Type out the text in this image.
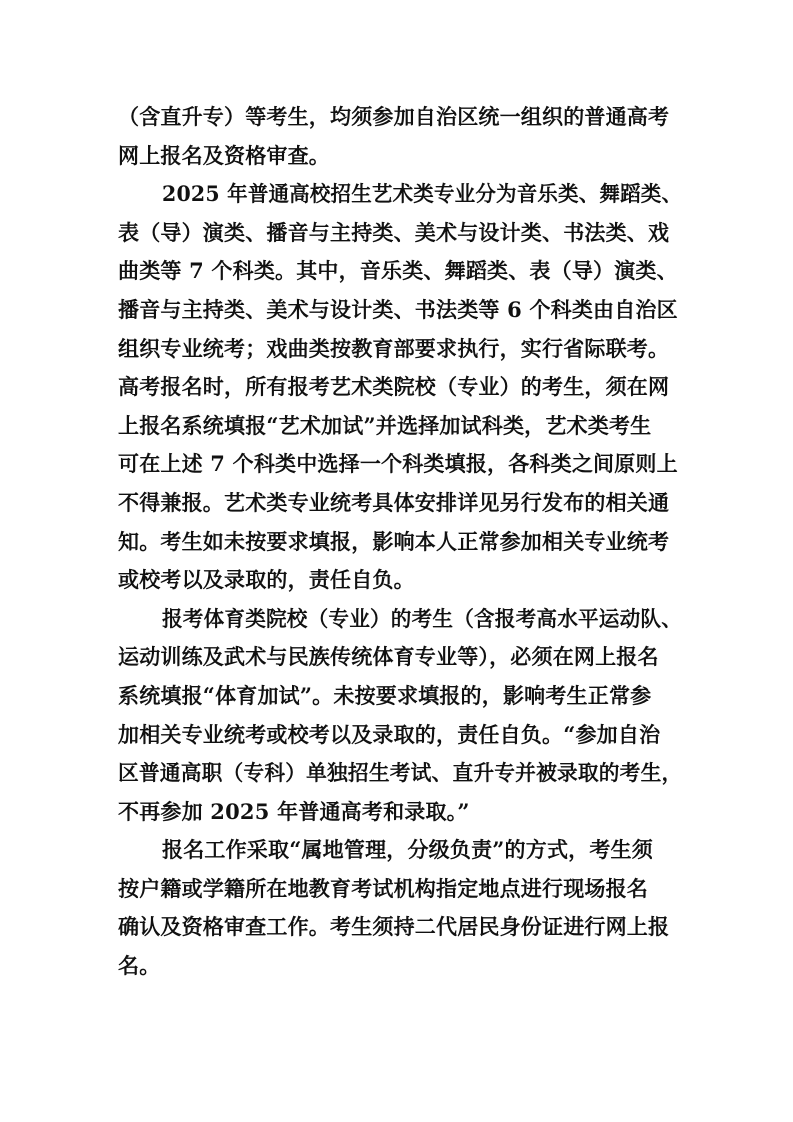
（含直升专）等考生，均须参加自治区统一组织的普通高考
网上报名及资格审查。
2025 年普通高校招生艺术类专业分为音乐类、舞蹈类、
表（导）演类、播音与主持类、美术与设计类、书法类、戏
曲类等 7 个科类。其中，音乐类、舞蹈类、表（导）演类、
播音与主持类、美术与设计类、书法类等 6 个科类由自治区
组织专业统考；戏曲类按教育部要求执行，实行省际联考。
高考报名时，所有报考艺术类院校（专业）的考生，须在网
上报名系统填报“艺术加试”并选择加试科类，艺术类考生
可在上述 7 个科类中选择一个科类填报，各科类之间原则上
不得兼报。艺术类专业统考具体安排详见另行发布的相关通
知。考生如未按要求填报，影响本人正常参加相关专业统考
或校考以及录取的，责任自负。
报考体育类院校（专业）的考生（含报考高水平运动队、
运动训练及武术与民族传统体育专业等），必须在网上报名
系统填报“体育加试”。未按要求填报的，影响考生正常参
加相关专业统考或校考以及录取的，责任自负。“参加自治
区普通高职（专科）单独招生考试、直升专并被录取的考生，
不再参加 2025 年普通高考和录取。”
报名工作采取“属地管理，分级负责”的方式，考生须
按户籍或学籍所在地教育考试机构指定地点进行现场报名
确认及资格审查工作。考生须持二代居民身份证进行网上报
名。
